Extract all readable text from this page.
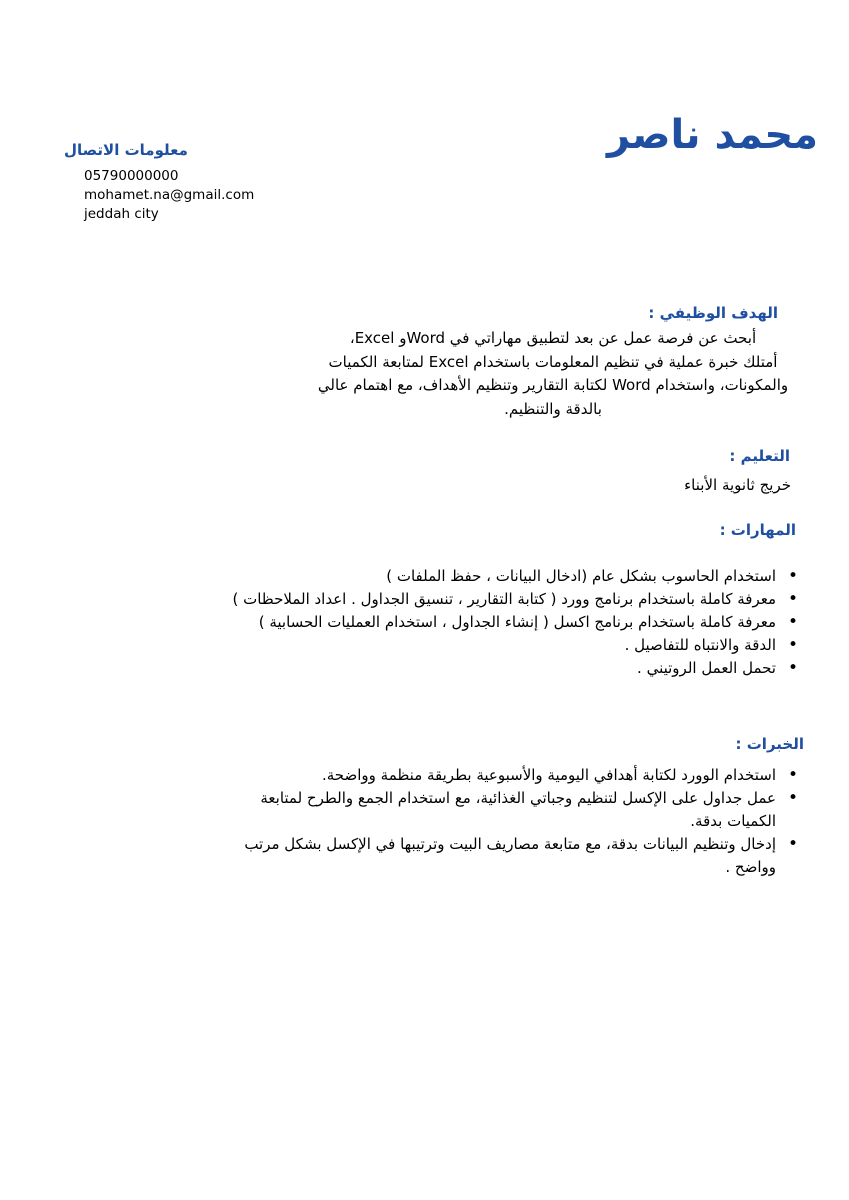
محمد ناصر
معلومات الاتصال
05790000000
mohamet.na@gmail.com
jeddah city
الهدف الوظيفي :
أبحث عن فرصة عمل عن بعد لتطبيق مهاراتي في Wordو Excel،
أمتلك خبرة عملية في تنظيم المعلومات باستخدام Excel لمتابعة الكميات
والمكونات، واستخدام Word لكتابة التقارير وتنظيم الأهداف، مع اهتمام عالي
بالدقة والتنظيم.
التعليم :
خريج ثانوية الأبناء
المهارات :
• استخدام الحاسوب بشكل عام (ادخال البيانات ، حفظ الملفات )
• معرفة كاملة باستخدام برنامج وورد ( كتابة التقارير ، تنسيق الجداول . اعداد الملاحظات )
• معرفة كاملة باستخدام برنامج اكسل ( إنشاء الجداول ، استخدام العمليات الحسابية )
• الدقة والانتباه للتفاصيل .
• تحمل العمل الروتيني .
الخبرات :
• استخدام الوورد لكتابة أهدافي اليومية والأسبوعية بطريقة منظمة وواضحة.
• عمل جداول على الإكسل لتنظيم وجباتي الغذائية، مع استخدام الجمع والطرح لمتابعة الكميات بدقة.
• إدخال وتنظيم البيانات بدقة، مع متابعة مصاريف البيت وترتيبها في الإكسل بشكل مرتب وواضح .
